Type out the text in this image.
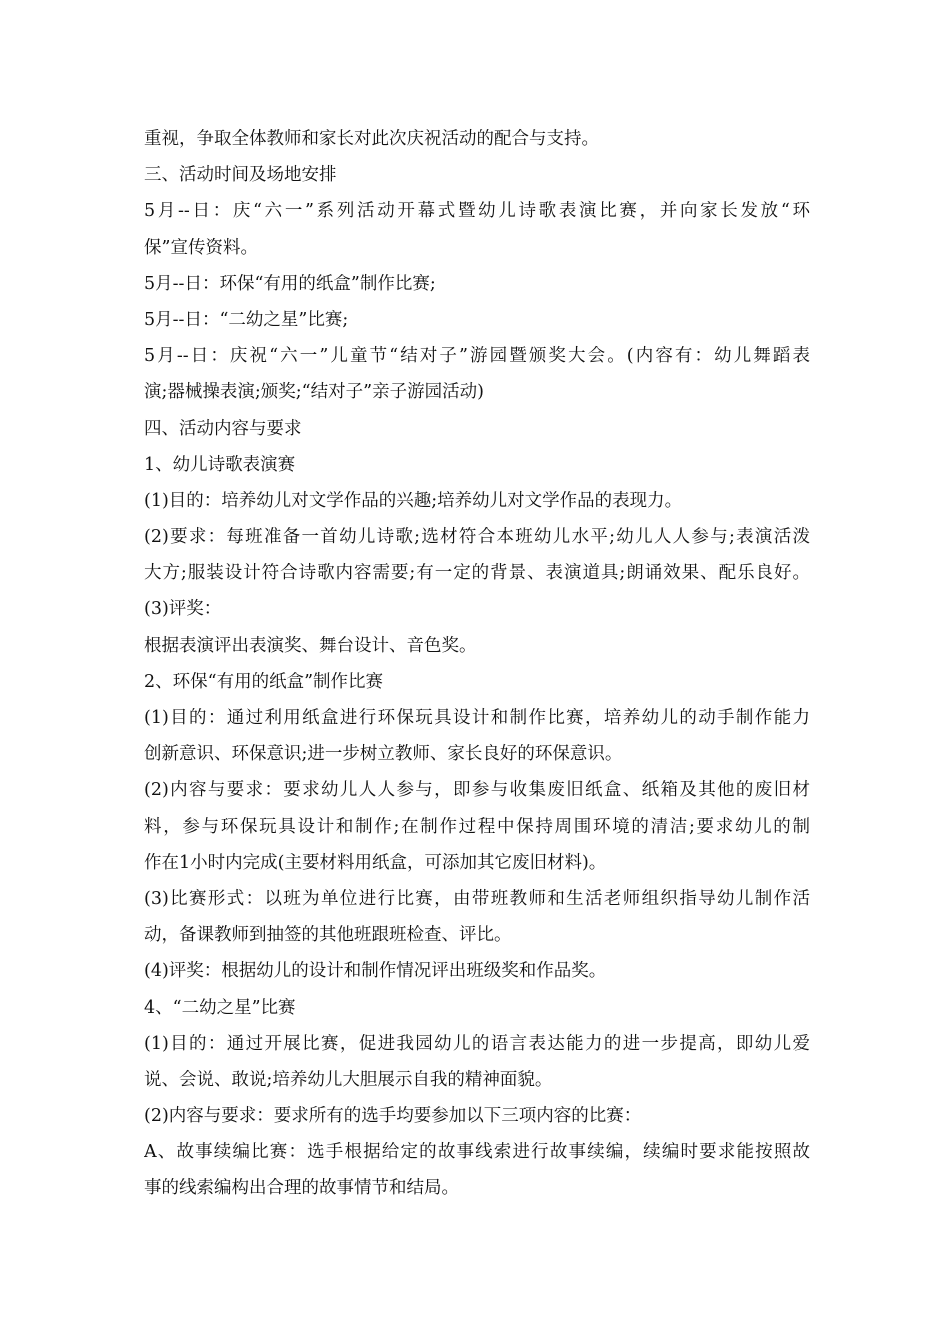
重视，争取全体教师和家长对此次庆祝活动的配合与支持。
三、活动时间及场地安排
5月--日：庆“六一”系列活动开幕式暨幼儿诗歌表演比赛，并向家长发放“环
保”宣传资料。
5月--日：环保“有用的纸盒”制作比赛;
5月--日：“二幼之星”比赛;
5月--日：庆祝“六一”儿童节“结对子”游园暨颁奖大会。(内容有：幼儿舞蹈表
演;器械操表演;颁奖;“结对子”亲子游园活动)
四、活动内容与要求
1、幼儿诗歌表演赛
(1)目的：培养幼儿对文学作品的兴趣;培养幼儿对文学作品的表现力。
(2)要求：每班准备一首幼儿诗歌;选材符合本班幼儿水平;幼儿人人参与;表演活泼
大方;服装设计符合诗歌内容需要;有一定的背景、表演道具;朗诵效果、配乐良好。
(3)评奖：
根据表演评出表演奖、舞台设计、音色奖。
2、环保“有用的纸盒”制作比赛
(1)目的：通过利用纸盒进行环保玩具设计和制作比赛，培养幼儿的动手制作能力
创新意识、环保意识;进一步树立教师、家长良好的环保意识。
(2)内容与要求：要求幼儿人人参与，即参与收集废旧纸盒、纸箱及其他的废旧材
料，参与环保玩具设计和制作;在制作过程中保持周围环境的清洁;要求幼儿的制
作在1小时内完成(主要材料用纸盒，可添加其它废旧材料)。
(3)比赛形式：以班为单位进行比赛，由带班教师和生活老师组织指导幼儿制作活
动，备课教师到抽签的其他班跟班检查、评比。
(4)评奖：根据幼儿的设计和制作情况评出班级奖和作品奖。
4、“二幼之星”比赛
(1)目的：通过开展比赛，促进我园幼儿的语言表达能力的进一步提高，即幼儿爱
说、会说、敢说;培养幼儿大胆展示自我的精神面貌。
(2)内容与要求：要求所有的选手均要参加以下三项内容的比赛：
A、故事续编比赛：选手根据给定的故事线索进行故事续编，续编时要求能按照故
事的线索编构出合理的故事情节和结局。
